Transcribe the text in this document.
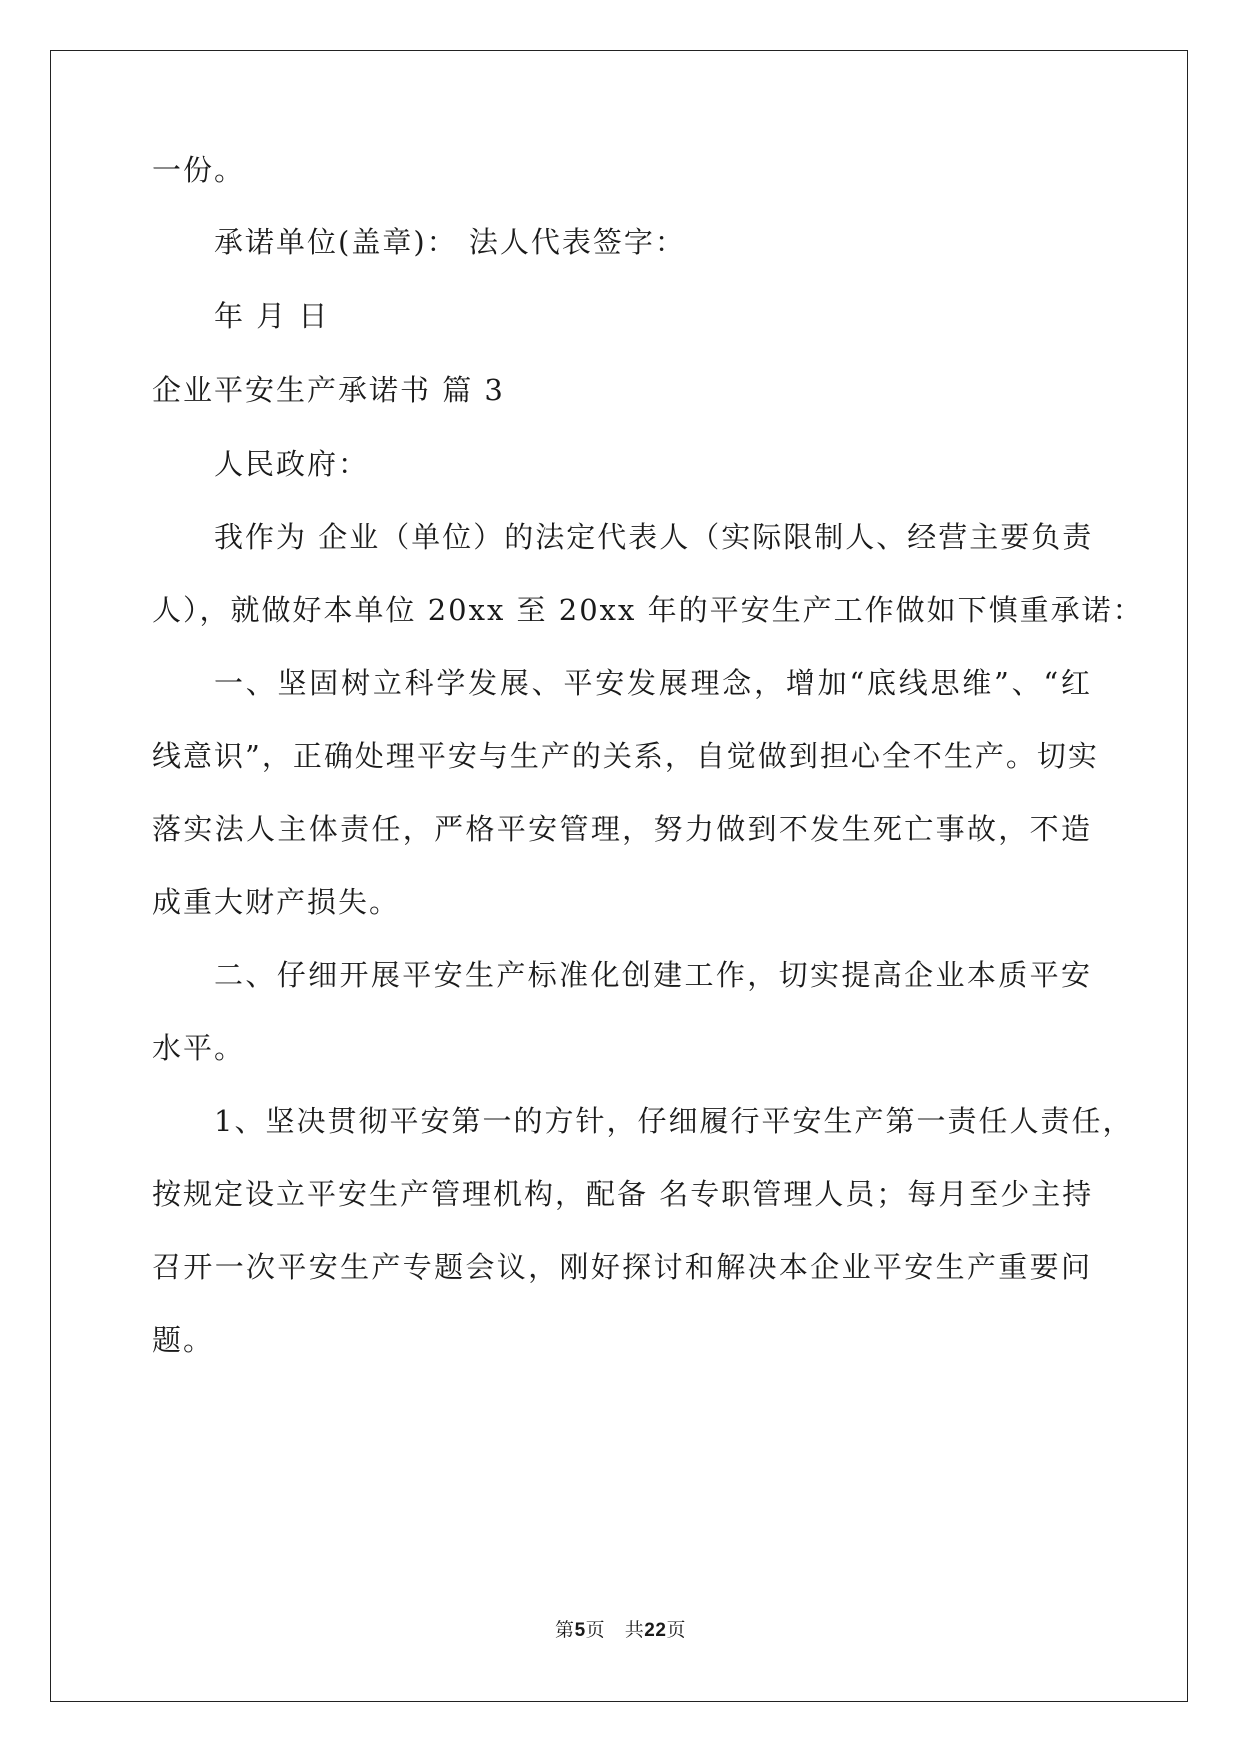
一份。
承诺单位(盖章)： 法人代表签字：
年 月 日
企业平安生产承诺书 篇 3
人民政府：
我作为 企业（单位）的法定代表人（实际限制人、经营主要负责
人），就做好本单位 20xx 至 20xx 年的平安生产工作做如下慎重承诺：
一、坚固树立科学发展、平安发展理念，增加“底线思维”、“红
线意识”，正确处理平安与生产的关系，自觉做到担心全不生产。切实
落实法人主体责任，严格平安管理，努力做到不发生死亡事故，不造
成重大财产损失。
二、仔细开展平安生产标准化创建工作，切实提高企业本质平安
水平。
1、坚决贯彻平安第一的方针，仔细履行平安生产第一责任人责任，
按规定设立平安生产管理机构，配备 名专职管理人员；每月至少主持
召开一次平安生产专题会议，刚好探讨和解决本企业平安生产重要问
题。
第5页 共22页
